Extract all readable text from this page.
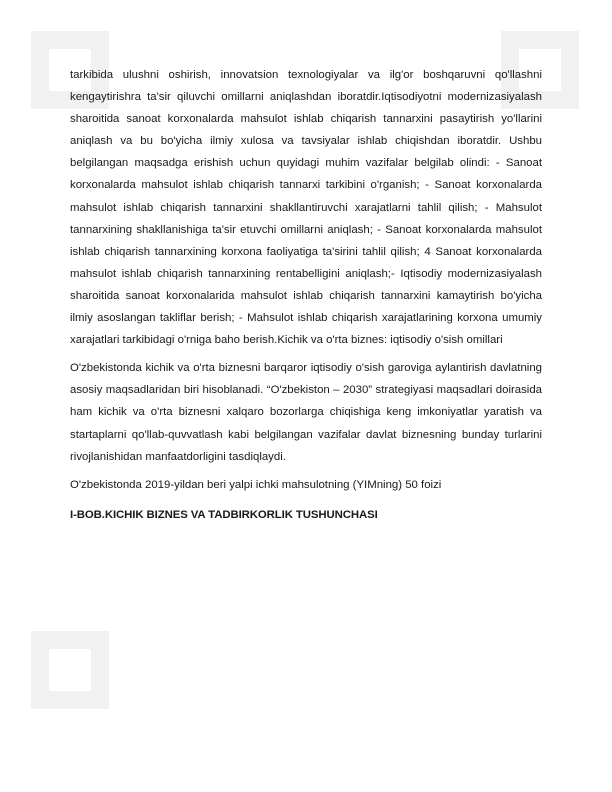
tarkibida ulushni oshirish, innovatsion texnologiyalar va ilg'or boshqaruvni qo'llashni kengaytirishra ta'sir qiluvchi omillarni aniqlashdan iboratdir.Iqtisodiyotni modernizasiyalash sharoitida sanoat korxonalarda mahsulot ishlab chiqarish tannarxini pasaytirish yo'llarini aniqlash va bu bo'yicha ilmiy xulosa va tavsiyalar ishlab chiqishdan iboratdir. Ushbu belgilangan maqsadga erishish uchun quyidagi muhim vazifalar belgilab olindi: - Sanoat korxonalarda mahsulot ishlab chiqarish tannarxi tarkibini o'rganish; - Sanoat korxonalarda mahsulot ishlab chiqarish tannarxini shakllantiruvchi xarajatlarni tahlil qilish; - Mahsulot tannarxining shakllanishiga ta'sir etuvchi omillarni aniqlash; - Sanoat korxonalarda mahsulot ishlab chiqarish tannarxining korxona faoliyatiga ta'sirini tahlil qilish; 4 Sanoat korxonalarda mahsulot ishlab chiqarish tannarxining rentabelligini aniqlash;- Iqtisodiy modernizasiyalash sharoitida sanoat korxonalarida mahsulot ishlab chiqarish tannarxini kamaytirish bo'yicha ilmiy asoslangan takliflar berish; - Mahsulot ishlab chiqarish xarajatlarining korxona umumiy xarajatlari tarkibidagi o'rniga baho berish.Kichik va o'rta biznes: iqtisodiy o'sish omillari

O'zbekistonda kichik va o'rta biznesni barqaror iqtisodiy o'sish garoviga aylantirish davlatning asosiy maqsadlaridan biri hisoblanadi. “O'zbekiston – 2030” strategiyasi maqsadlari doirasida ham kichik va o'rta biznesni xalqaro bozorlarga chiqishiga keng imkoniyatlar yaratish va startaplarni qo'llab-quvvatlash kabi belgilangan vazifalar davlat biznesning bunday turlarini rivojlanishidan manfaatdorligini tasdiqlaydi.

O'zbekistonda 2019-yildan beri yalpi ichki mahsulotning (YIMning) 50 foizi

I-BOB.KICHIK BIZNES VA TADBIRKORLIK TUSHUNCHASI
